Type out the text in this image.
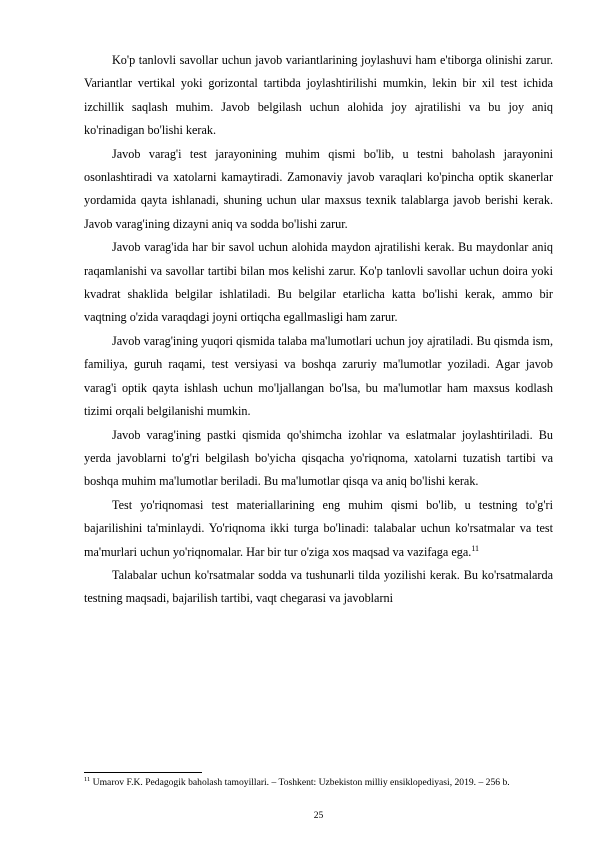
Ko'p tanlovli savollar uchun javob variantlarining joylashuvi ham e'tiborga olinishi zarur. Variantlar vertikal yoki gorizontal tartibda joylashtirilishi mumkin, lekin bir xil test ichida izchillik saqlash muhim. Javob belgilash uchun alohida joy ajratilishi va bu joy aniq ko'rinadigan bo'lishi kerak.

Javob varag'i test jarayonining muhim qismi bo'lib, u testni baholash jarayonini osonlashtiradi va xatolarni kamaytiradi. Zamonaviy javob varaqlari ko'pincha optik skanerlar yordamida qayta ishlanadi, shuning uchun ular maxsus texnik talablarga javob berishi kerak. Javob varag'ining dizayni aniq va sodda bo'lishi zarur.

Javob varag'ida har bir savol uchun alohida maydon ajratilishi kerak. Bu maydonlar aniq raqamlanishi va savollar tartibi bilan mos kelishi zarur. Ko'p tanlovli savollar uchun doira yoki kvadrat shaklida belgilar ishlatiladi. Bu belgilar etarlicha katta bo'lishi kerak, ammo bir vaqtning o'zida varaqdagi joyni ortiqcha egallmasligi ham zarur.

Javob varag'ining yuqori qismida talaba ma'lumotlari uchun joy ajratiladi. Bu qismda ism, familiya, guruh raqami, test versiyasi va boshqa zaruriy ma'lumotlar yoziladi. Agar javob varag'i optik qayta ishlash uchun mo'ljallangan bo'lsa, bu ma'lumotlar ham maxsus kodlash tizimi orqali belgilanishi mumkin.

Javob varag'ining pastki qismida qo'shimcha izohlar va eslatmalar joylashtiriladi. Bu yerda javoblarni to'g'ri belgilash bo'yicha qisqacha yo'riqnoma, xatolarni tuzatish tartibi va boshqa muhim ma'lumotlar beriladi. Bu ma'lumotlar qisqa va aniq bo'lishi kerak.

Test yo'riqnomasi test materiallarining eng muhim qismi bo'lib, u testning to'g'ri bajarilishini ta'minlaydi. Yo'riqnoma ikki turga bo'linadi: talabalar uchun ko'rsatmalar va test ma'murlari uchun yo'riqnomalar. Har bir tur o'ziga xos maqsad va vazifaga ega.$^{11}$

Talabalar uchun ko'rsatmalar sodda va tushunarli tilda yozilishi kerak. Bu ko'rsatmalarda testning maqsadi, bajarilish tartibi, vaqt chegarasi va javoblarni

$^{11}$ Umarov F.K. Pedagogik baholash tamoyillari. – Toshkent: Uzbekiston milliy ensiklopediyasi, 2019. – 256 b.

25
